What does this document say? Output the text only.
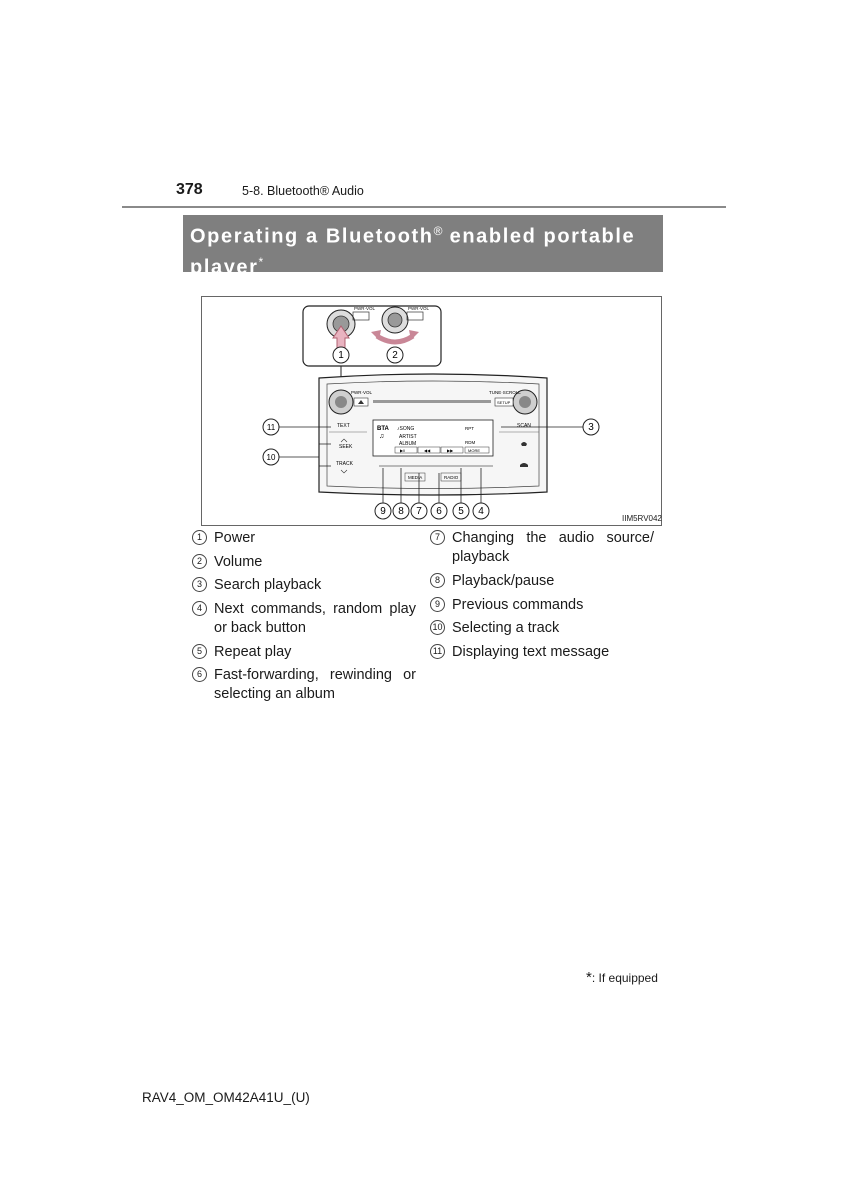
378	5-8. Bluetooth® Audio
Operating a Bluetooth® enabled portable
player*
PWR·VOL	PWR·VOL
1	2
PWR·VOL	TUNE·SCROLL
SETUP
TEXT
SEEK
TRACK
SCAN
BTA ♪SONG
ARTIST
ALBUM
♫
RPT
RDM
▶II	◀◀	▶▶	MORE
MEDIA	RADIO
11
10
3
9 8 7 6 5 4
IIM5RV042
1 Power
2 Volume
3 Search playback
4 Next commands, random play or back button
5 Repeat play
6 Fast-forwarding, rewinding or selecting an album
7 Changing the audio source/ playback
8 Playback/pause
9 Previous commands
10 Selecting a track
11 Displaying text message
*: If equipped
RAV4_OM_OM42A41U_(U)
